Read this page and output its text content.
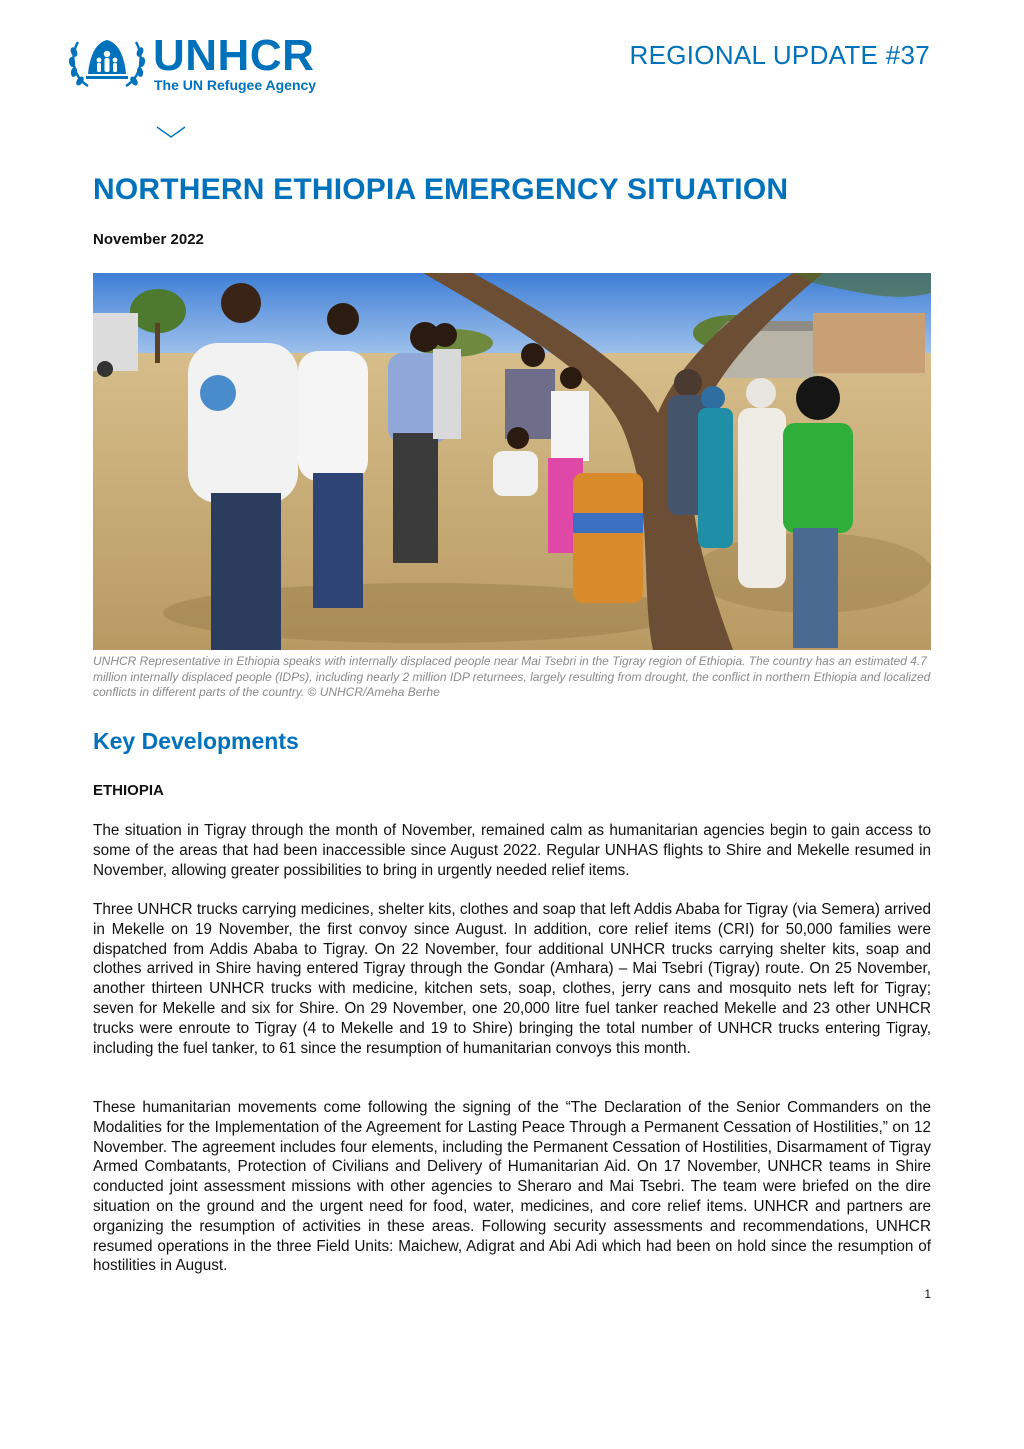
UNHCR
The UN Refugee Agency
REGIONAL UPDATE #37
NORTHERN ETHIOPIA EMERGENCY SITUATION

November 2022

UNHCR Representative in Ethiopia speaks with internally displaced people near Mai Tsebri in the Tigray region of Ethiopia. The country has an estimated 4.7 million internally displaced people (IDPs), including nearly 2 million IDP returnees, largely resulting from drought, the conflict in northern Ethiopia and localized conflicts in different parts of the country. © UNHCR/Ameha Berhe

Key Developments
ETHIOPIA

The situation in Tigray through the month of November, remained calm as humanitarian agencies begin to gain access to some of the areas that had been inaccessible since August 2022. Regular UNHAS flights to Shire and Mekelle resumed in November, allowing greater possibilities to bring in urgently needed relief items.

Three UNHCR trucks carrying medicines, shelter kits, clothes and soap that left Addis Ababa for Tigray (via Semera) arrived in Mekelle on 19 November, the first convoy since August. In addition, core relief items (CRI) for 50,000 families were dispatched from Addis Ababa to Tigray. On 22 November, four additional UNHCR trucks carrying shelter kits, soap and clothes arrived in Shire having entered Tigray through the Gondar (Amhara) – Mai Tsebri (Tigray) route. On 25 November, another thirteen UNHCR trucks with medicine, kitchen sets, soap, clothes, jerry cans and mosquito nets left for Tigray; seven for Mekelle and six for Shire. On 29 November, one 20,000 litre fuel tanker reached Mekelle and 23 other UNHCR trucks were enroute to Tigray (4 to Mekelle and 19 to Shire) bringing the total number of UNHCR trucks entering Tigray, including the fuel tanker, to 61 since the resumption of humanitarian convoys this month.

These humanitarian movements come following the signing of the “The Declaration of the Senior Commanders on the Modalities for the Implementation of the Agreement for Lasting Peace Through a Permanent Cessation of Hostilities,” on 12 November. The agreement includes four elements, including the Permanent Cessation of Hostilities, Disarmament of Tigray Armed Combatants, Protection of Civilians and Delivery of Humanitarian Aid. On 17 November, UNHCR teams in Shire conducted joint assessment missions with other agencies to Sheraro and Mai Tsebri. The team were briefed on the dire situation on the ground and the urgent need for food, water, medicines, and core relief items. UNHCR and partners are organizing the resumption of activities in these areas. Following security assessments and recommendations, UNHCR resumed operations in the three Field Units: Maichew, Adigrat and Abi Adi which had been on hold since the resumption of hostilities in August.

1
